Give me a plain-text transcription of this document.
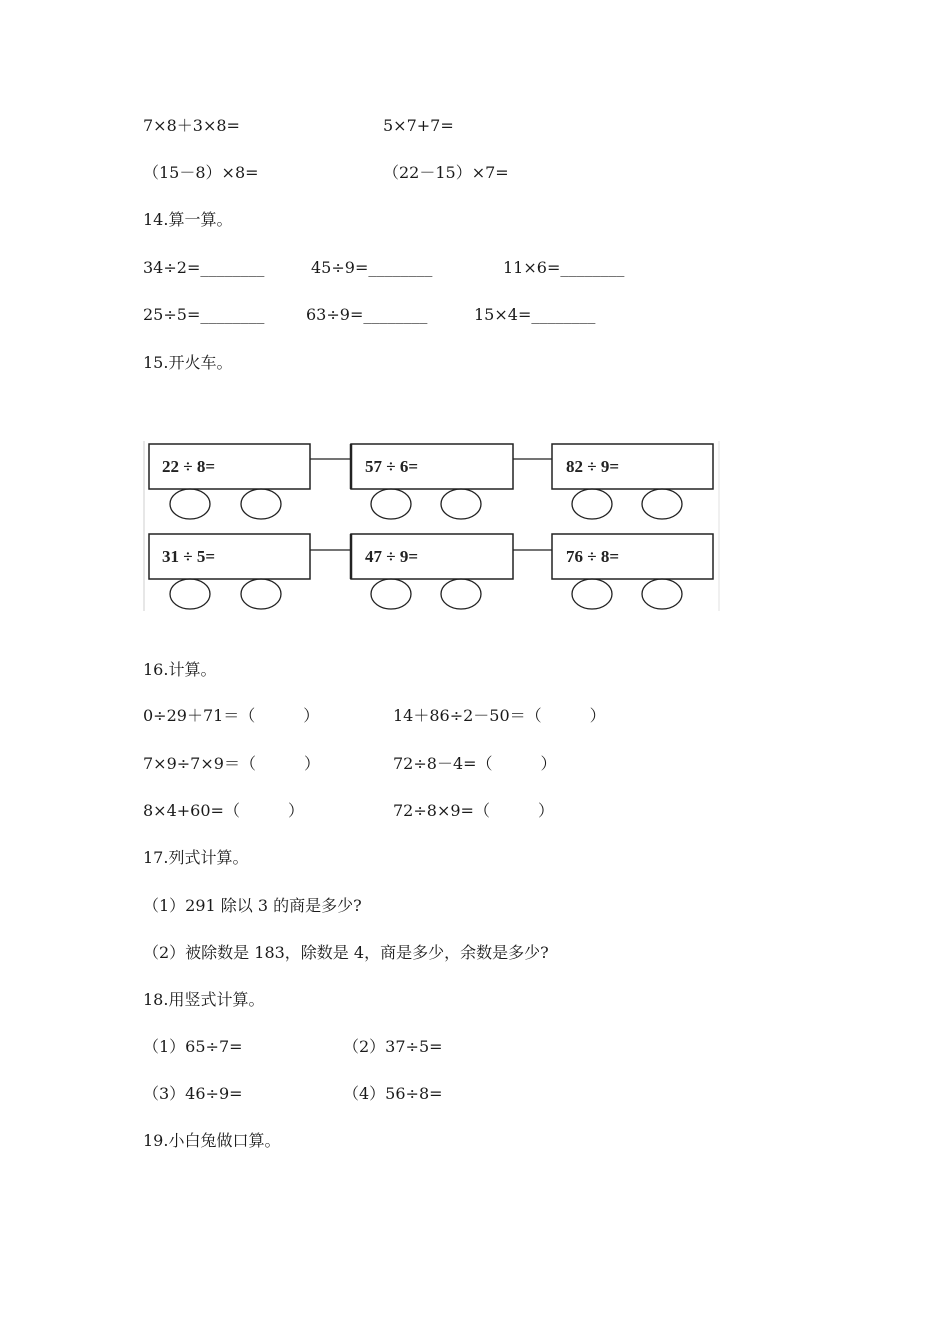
7×8＋3×8=	5×7+7=
（15－8）×8=	（22－15）×7=
14.算一算。
34÷2=________	45÷9=________	11×6=________
25÷5=________	63÷9=________	15×4=________
15.开火车。
22 ÷ 8=	57 ÷ 6=	82 ÷ 9=
31 ÷ 5=	47 ÷ 9=	76 ÷ 8=
16.计算。
0÷29＋71＝（　　　）	14＋86÷2－50＝（　　　）
7×9÷7×9＝（　　　）	72÷8－4=（　　　）
8×4+60=（　　　）	72÷8×9=（　　　）
17.列式计算。
（1）291 除以 3 的商是多少?
（2）被除数是 183，除数是 4，商是多少，余数是多少?
18.用竖式计算。
（1）65÷7=	（2）37÷5=
（3）46÷9=	（4）56÷8=
19.小白兔做口算。
